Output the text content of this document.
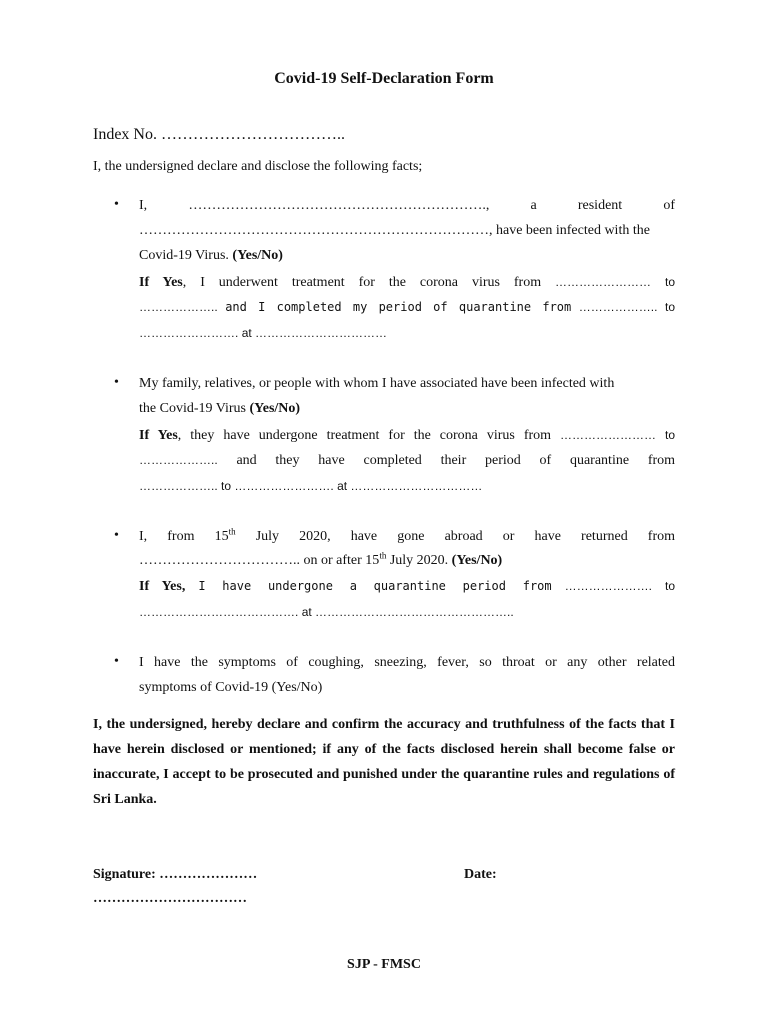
Covid-19 Self-Declaration Form
Index No. ……………………………..
I, the undersigned declare and disclose the following facts;
• I,	……………………………………………………….,	a	resident	of
…………………………………………………………………, have been infected with the
Covid-19 Virus. (Yes/No)
If Yes, I underwent treatment for the corona virus from …………………… to
……………….. and I completed my period of quarantine from ……………….. to
……………………. at ……………………………
• My family, relatives, or people with whom I have associated have been infected with
the Covid-19 Virus (Yes/No)
If Yes, they have undergone treatment for the corona virus from …………………… to
……………….. and they have completed their period of quarantine from
……………….. to ……………………. at ……………………………
• I, from 15th July 2020, have gone abroad or have returned from
…………………………….. on or after 15th July 2020. (Yes/No)
If Yes, I have undergone a quarantine period from …………………. to
…………………………………. at …………………………………………..
• I have the symptoms of coughing, sneezing, fever, so throat or any other related
symptoms of Covid-19 (Yes/No)
I, the undersigned, hereby declare and confirm the accuracy and truthfulness of the facts that I have herein disclosed or mentioned; if any of the facts disclosed herein shall become false or inaccurate, I accept to be prosecuted and punished under the quarantine rules and regulations of Sri Lanka.
Signature: …………………	Date:
……………………………
SJP - FMSC
